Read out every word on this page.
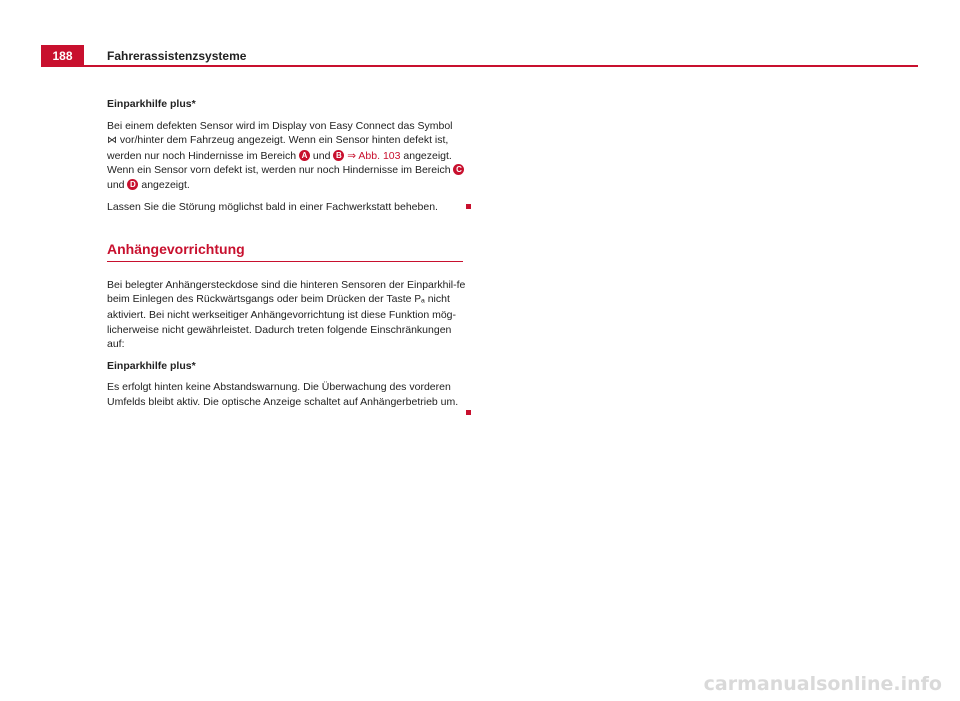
188	Fahrerassistenzsysteme

Einparkhilfe plus*

Bei einem defekten Sensor wird im Display von Easy Connect das Symbol
⋈ vor/hinter dem Fahrzeug angezeigt. Wenn ein Sensor hinten defekt ist, werden nur noch Hindernisse im Bereich A und B ⇒ Abb. 103 angezeigt. Wenn ein Sensor vorn defekt ist, werden nur noch Hindernisse im Bereich C und D angezeigt.

Lassen Sie die Störung möglichst bald in einer Fachwerkstatt beheben.

Anhängevorrichtung

Bei belegter Anhängersteckdose sind die hinteren Sensoren der Einparkhil-fe beim Einlegen des Rückwärtsgangs oder beim Drücken der Taste P⁠ₐ nicht aktiviert. Bei nicht werkseitiger Anhängevorrichtung ist diese Funktion mög-licherweise nicht gewährleistet. Dadurch treten folgende Einschränkungen auf:

Einparkhilfe plus*

Es erfolgt hinten keine Abstandswarnung. Die Überwachung des vorderen Umfelds bleibt aktiv. Die optische Anzeige schaltet auf Anhängerbetrieb um.

carmanualsonline.info
